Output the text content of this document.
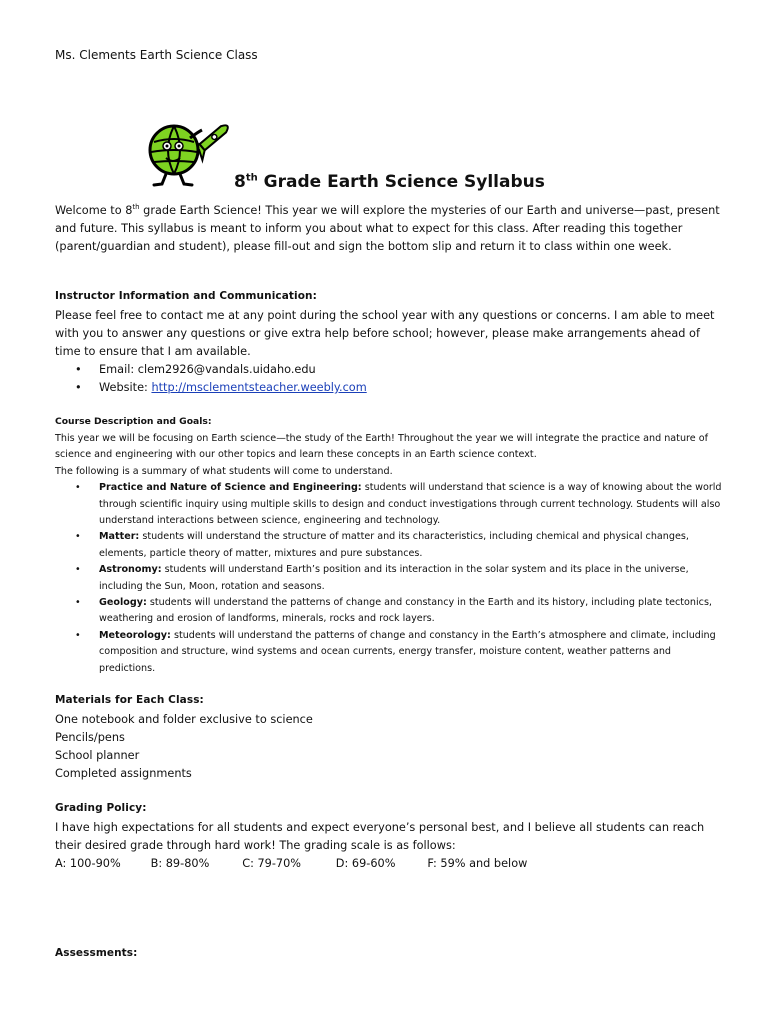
Ms. Clements Earth Science Class
8th Grade Earth Science Syllabus
Welcome to 8th grade Earth Science! This year we will explore the mysteries of our Earth and universe—past, present and future. This syllabus is meant to inform you about what to expect for this class. After reading this together (parent/guardian and student), please fill-out and sign the bottom slip and return it to class within one week.
Instructor Information and Communication:
Please feel free to contact me at any point during the school year with any questions or concerns. I am able to meet with you to answer any questions or give extra help before school; however, please make arrangements ahead of time to ensure that I am available.
• Email: clem2926@vandals.uidaho.edu
• Website: http://msclementsteacher.weebly.com
Course Description and Goals:
This year we will be focusing on Earth science—the study of the Earth! Throughout the year we will integrate the practice and nature of science and engineering with our other topics and learn these concepts in an Earth science context.
The following is a summary of what students will come to understand.
• Practice and Nature of Science and Engineering: students will understand that science is a way of knowing about the world through scientific inquiry using multiple skills to design and conduct investigations through current technology. Students will also understand interactions between science, engineering and technology.
• Matter: students will understand the structure of matter and its characteristics, including chemical and physical changes, elements, particle theory of matter, mixtures and pure substances.
• Astronomy: students will understand Earth’s position and its interaction in the solar system and its place in the universe, including the Sun, Moon, rotation and seasons.
• Geology: students will understand the patterns of change and constancy in the Earth and its history, including plate tectonics, weathering and erosion of landforms, minerals, rocks and rock layers.
• Meteorology: students will understand the patterns of change and constancy in the Earth’s atmosphere and climate, including composition and structure, wind systems and ocean currents, energy transfer, moisture content, weather patterns and predictions.
Materials for Each Class:
One notebook and folder exclusive to science
Pencils/pens
School planner
Completed assignments
Grading Policy:
I have high expectations for all students and expect everyone’s personal best, and I believe all students can reach their desired grade through hard work! The grading scale is as follows:
A: 100-90%	B: 89-80%	C: 79-70%	D: 69-60%	F: 59% and below
Assessments:
